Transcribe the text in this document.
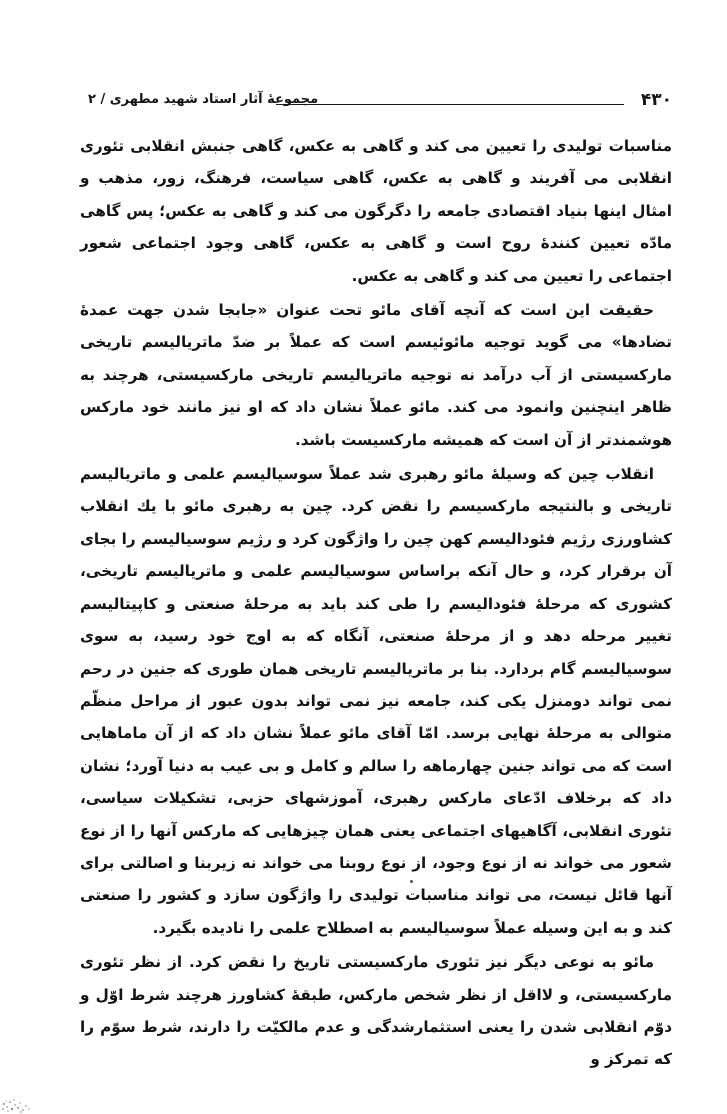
۴۳۰
مجموعهٔ آثار استاد شهید مطهری / ۲

مناسبات تولیدی را تعیین می کند و گاهی به عکس، گاهی جنبش انقلابی تئوری انقلابی می آفریند و گاهی به عکس، گاهی سیاست، فرهنگ، زور، مذهب و امثال اینها بنیاد اقتصادی جامعه را دگرگون می کند و گاهی به عکس؛ پس گاهی مادّه تعیین کنندهٔ روح است و گاهی به عکس، گاهی وجود اجتماعی شعور اجتماعی را تعیین می کند و گاهی به عکس.

حقیقت این است که آنچه آقای مائو تحت عنوان «جابجا شدن جهت عمدهٔ تضادها» می گوید توجیه مائوئیسم است که عملاً بر ضدّ ماتریالیسم تاریخی مارکسیستی از آب درآمد نه توجیه ماتریالیسم تاریخی مارکسیستی، هرچند به ظاهر اینچنین وانمود می کند. مائو عملاً نشان داد که او نیز مانند خود مارکس هوشمندتر از آن است که همیشه مارکسیست باشد.

انقلاب چین که وسیلهٔ مائو رهبری شد عملاً سوسیالیسم علمی و ماتریالیسم تاریخی و بالنتیجه مارکسیسم را نقض کرد. چین به رهبری مائو با یك انقلاب کشاورزی رژیم فئودالیسم کهن چین را واژگون کرد و رژیم سوسیالیسم را بجای آن برقرار کرد، و حال آنکه براساس سوسیالیسم علمی و ماتریالیسم تاریخی، کشوری که مرحلهٔ فئودالیسم را طی کند باید به مرحلهٔ صنعتی و کاپیتالیسم تغییر مرحله دهد و از مرحلهٔ صنعتی، آنگاه که به اوج خود رسید، به سوی سوسیالیسم گام بردارد. بنا بر ماتریالیسم تاریخی همان طوری که جنین در رحم نمی تواند دومنزل یکی کند، جامعه نیز نمی تواند بدون عبور از مراحل منظّم متوالی به مرحلهٔ نهایی برسد. امّا آقای مائو عملاً نشان داد که از آن ماماهایی است که می تواند جنین چهارماهه را سالم و کامل و بی عیب به دنیا آورد؛ نشان داد که برخلاف ادّعای مارکس رهبری، آموزشهای حزبی، تشکیلات سیاسی، تئوری انقلابی، آگاهیهای اجتماعی یعنی همان چیزهایی که مارکس آنها را از نوع شعور می خواند نه از نوع وجود، از نوع روبنا می خواند نه زیربنا و اصالتی برای آنها قائل نیست، می تواند مناسبات تولیدی را واژگون سازد و کشور را صنعتی کند و به این وسیله عملاً سوسیالیسم به اصطلاح علمی را نادیده بگیرد.

مائو به نوعی دیگر نیز تئوری مارکسیستی تاریخ را نقض کرد. از نظر تئوری مارکسیستی، و لااقل از نظر شخص مارکس، طبقهٔ کشاورز هرچند شرط اوّل و دوّم انقلابی شدن را یعنی استثمارشدگی و عدم مالکیّت را دارند، شرط سوّم را که تمرکز و
